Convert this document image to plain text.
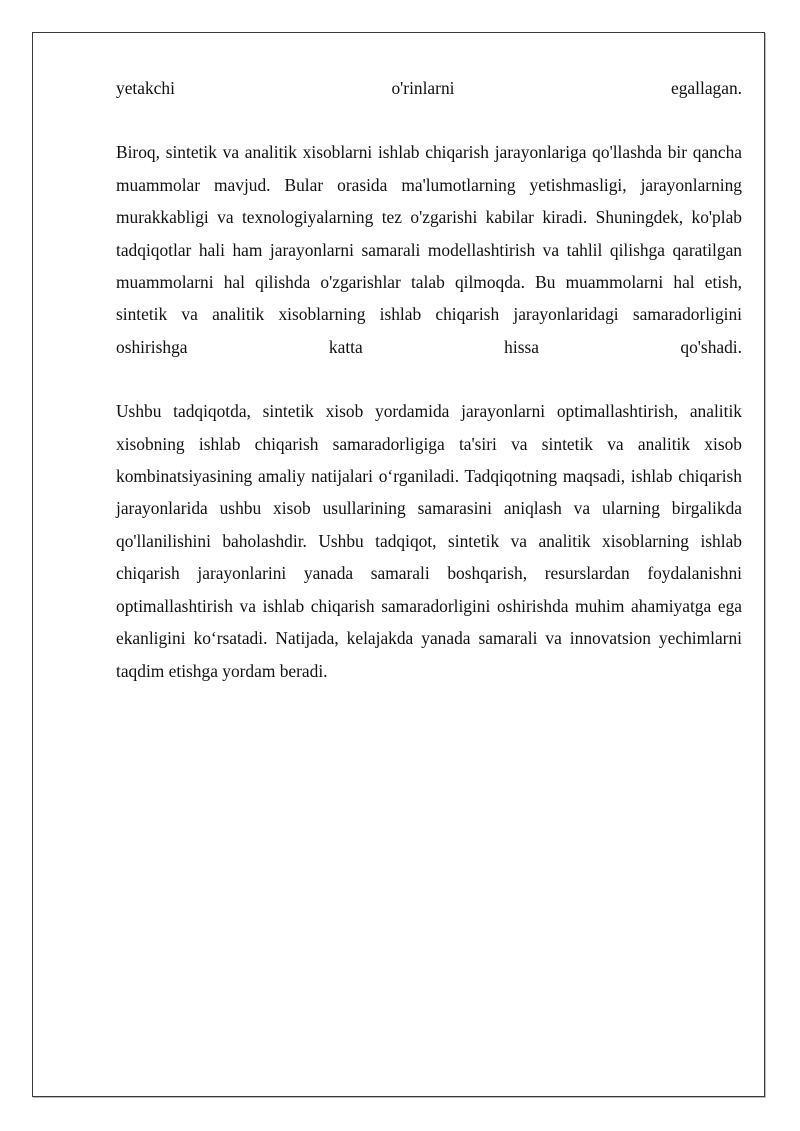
yetakchi o'rinlarni egallagan.

Biroq, sintetik va analitik xisoblarni ishlab chiqarish jarayonlariga qo'llashda bir qancha muammolar mavjud. Bular orasida ma'lumotlarning yetishmasligi, jarayonlarning murakkabligi va texnologiyalarning tez o'zgarishi kabilar kiradi. Shuningdek, ko'plab tadqiqotlar hali ham jarayonlarni samarali modellashtirish va tahlil qilishga qaratilgan muammolarni hal qilishda o'zgarishlar talab qilmoqda. Bu muammolarni hal etish, sintetik va analitik xisoblarning ishlab chiqarish jarayonlaridagi samaradorligini oshirishga katta hissa qo'shadi.

Ushbu tadqiqotda, sintetik xisob yordamida jarayonlarni optimallashtirish, analitik xisobning ishlab chiqarish samaradorligiga ta'siri va sintetik va analitik xisob kombinatsiyasining amaliy natijalari o‘rganiladi. Tadqiqotning maqsadi, ishlab chiqarish jarayonlarida ushbu xisob usullarining samarasini aniqlash va ularning birgalikda qo'llanilishini baholashdir. Ushbu tadqiqot, sintetik va analitik xisoblarning ishlab chiqarish jarayonlarini yanada samarali boshqarish, resurslardan foydalanishni optimallashtirish va ishlab chiqarish samaradorligini oshirishda muhim ahamiyatga ega ekanligini ko‘rsatadi. Natijada, kelajakda yanada samarali va innovatsion yechimlarni taqdim etishga yordam beradi.
